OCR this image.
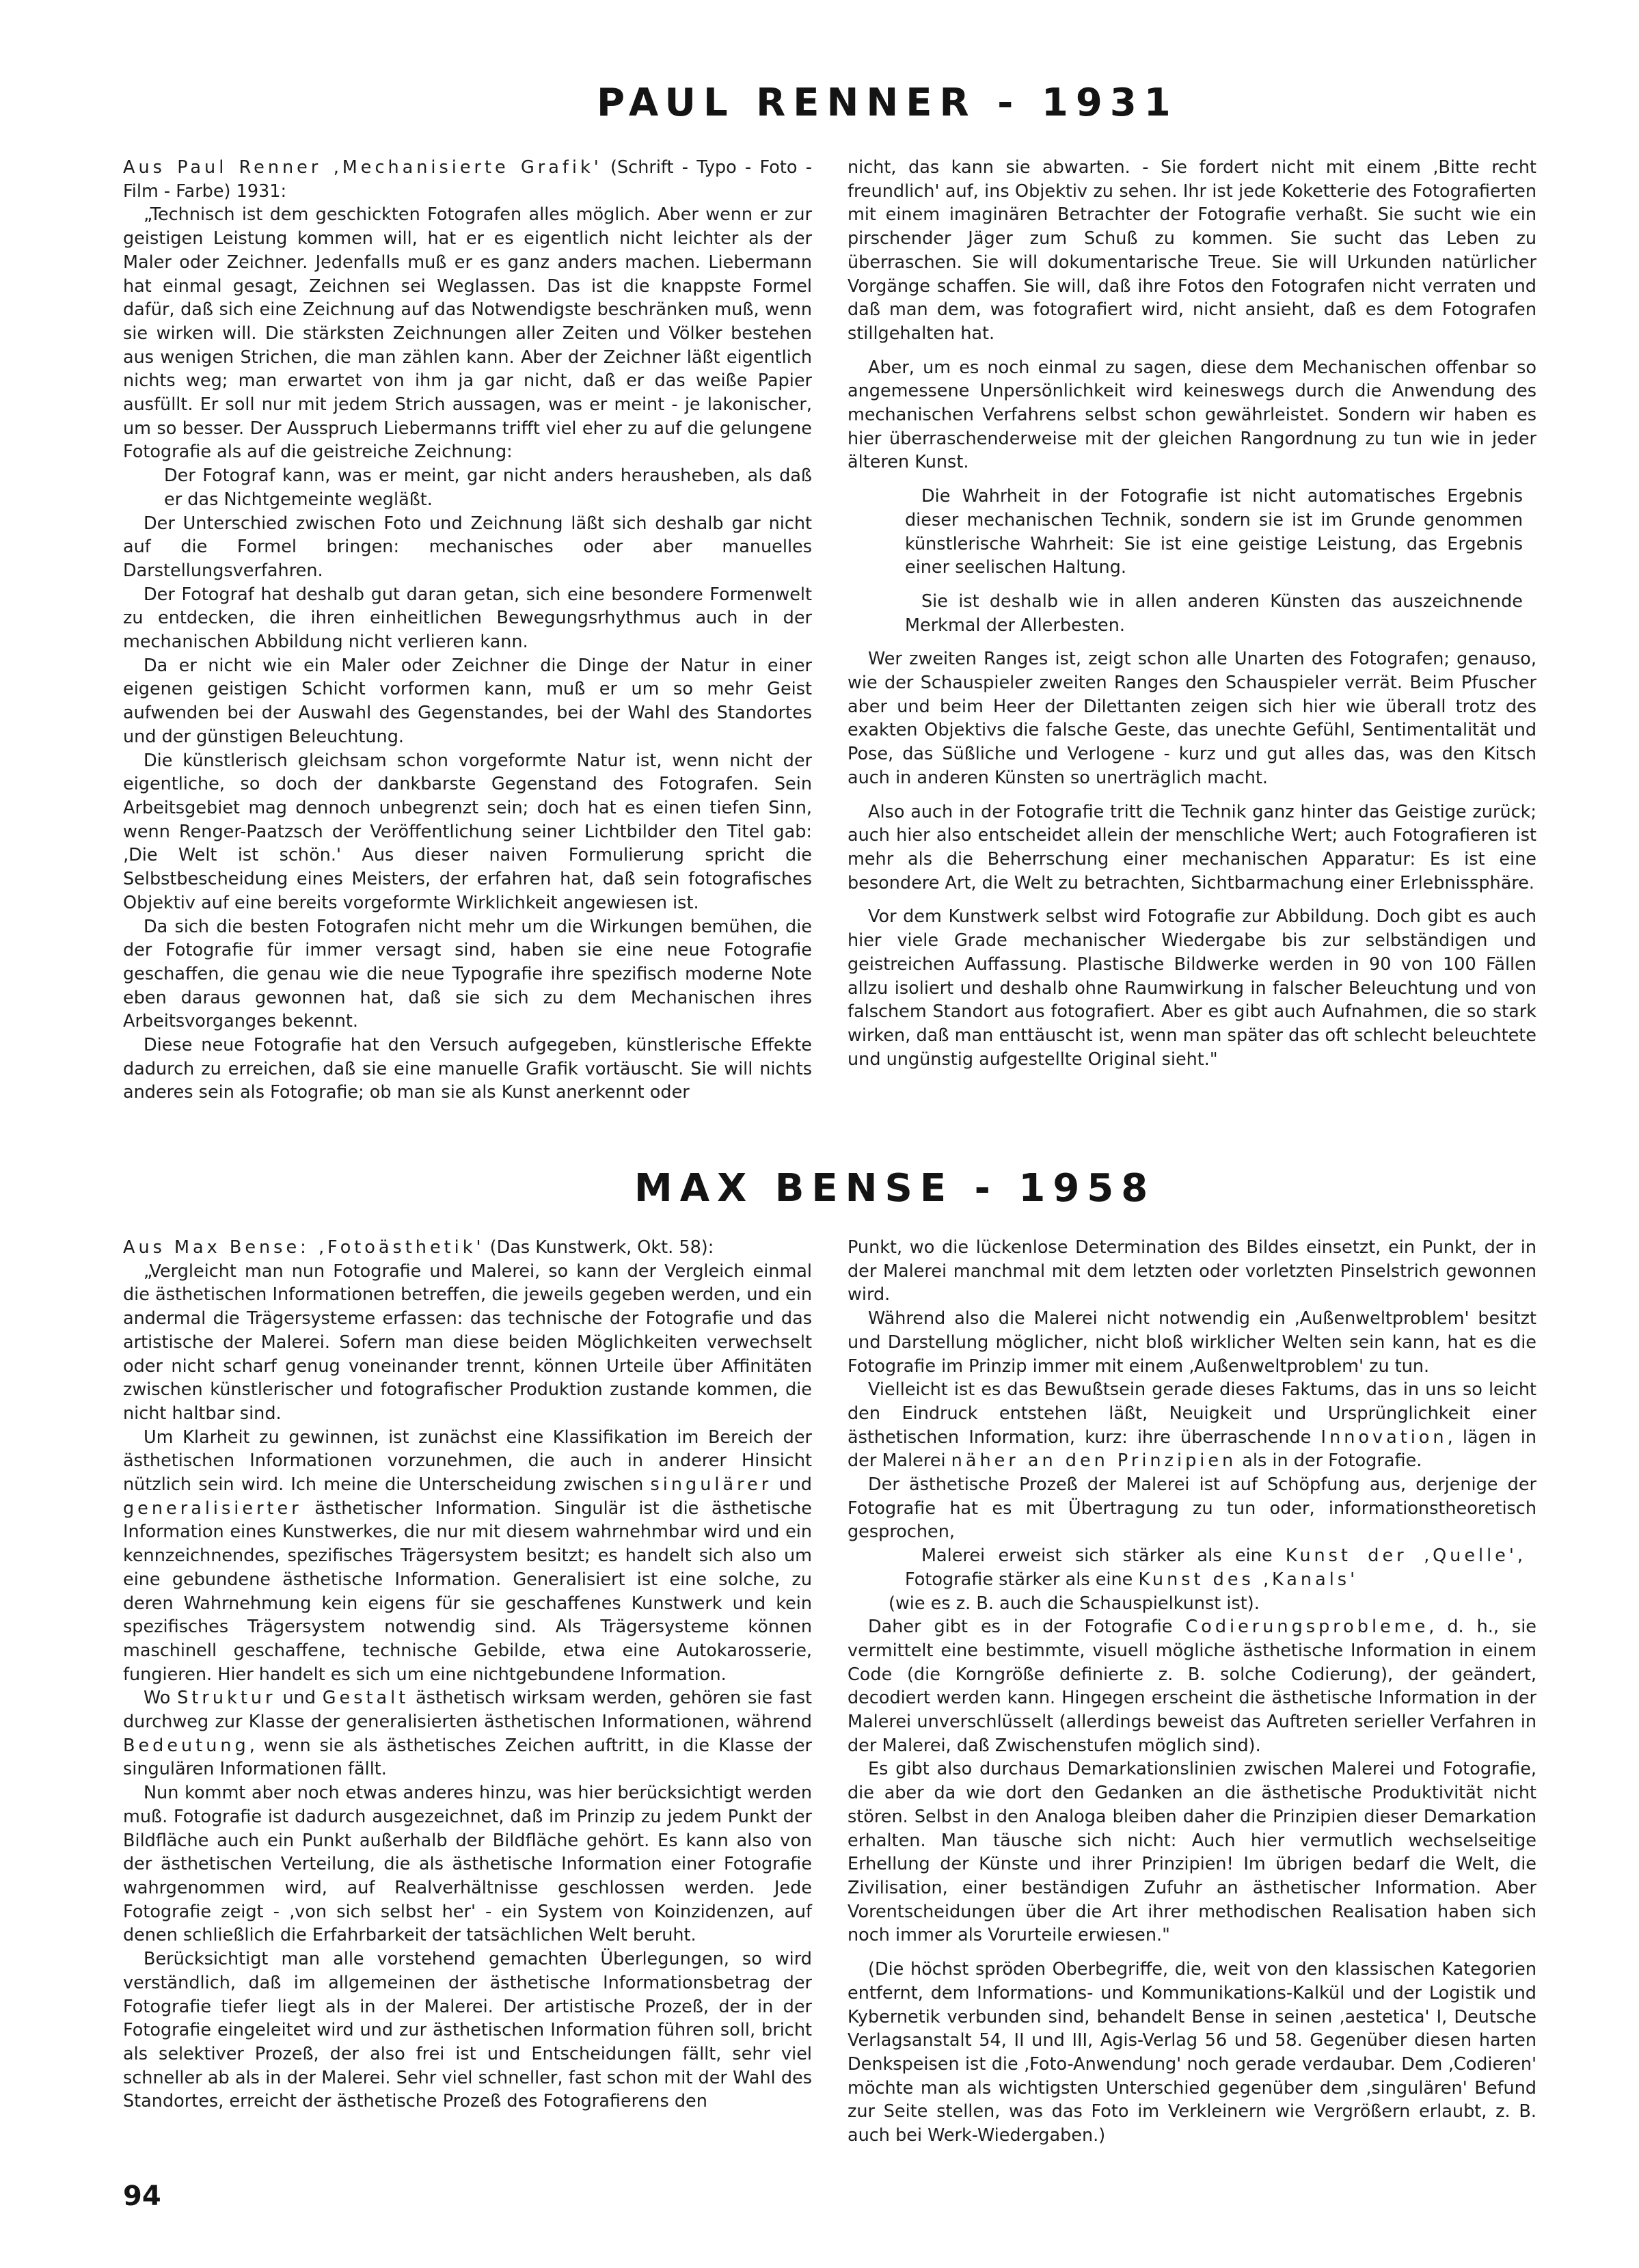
PAUL RENNER - 1931

Aus Paul Renner ‚Mechanisierte Grafik' (Schrift - Typo - Foto - Film - Farbe) 1931:

„Technisch ist dem geschickten Fotografen alles möglich. Aber wenn er zur geistigen Leistung kommen will, hat er es eigentlich nicht leichter als der Maler oder Zeichner. Jedenfalls muß er es ganz anders machen. Liebermann hat einmal gesagt, Zeichnen sei Weglassen. Das ist die knappste Formel dafür, daß sich eine Zeichnung auf das Notwendigste beschränken muß, wenn sie wirken will. Die stärksten Zeichnungen aller Zeiten und Völker bestehen aus wenigen Strichen, die man zählen kann. Aber der Zeichner läßt eigentlich nichts weg; man erwartet von ihm ja gar nicht, daß er das weiße Papier ausfüllt. Er soll nur mit jedem Strich aussagen, was er meint - je lakonischer, um so besser. Der Ausspruch Liebermanns trifft viel eher zu auf die gelungene Fotografie als auf die geistreiche Zeichnung:

Der Fotograf kann, was er meint, gar nicht anders herausheben, als daß er das Nichtgemeinte wegläßt.

Der Unterschied zwischen Foto und Zeichnung läßt sich deshalb gar nicht auf die Formel bringen: mechanisches oder aber manuelles Darstellungsverfahren.

Der Fotograf hat deshalb gut daran getan, sich eine besondere Formenwelt zu entdecken, die ihren einheitlichen Bewegungsrhythmus auch in der mechanischen Abbildung nicht verlieren kann.

Da er nicht wie ein Maler oder Zeichner die Dinge der Natur in einer eigenen geistigen Schicht vorformen kann, muß er um so mehr Geist aufwenden bei der Auswahl des Gegenstandes, bei der Wahl des Standortes und der günstigen Beleuchtung.

Die künstlerisch gleichsam schon vorgeformte Natur ist, wenn nicht der eigentliche, so doch der dankbarste Gegenstand des Fotografen. Sein Arbeitsgebiet mag dennoch unbegrenzt sein; doch hat es einen tiefen Sinn, wenn Renger-Paatzsch der Veröffentlichung seiner Lichtbilder den Titel gab: ‚Die Welt ist schön.' Aus dieser naiven Formulierung spricht die Selbstbescheidung eines Meisters, der erfahren hat, daß sein fotografisches Objektiv auf eine bereits vorgeformte Wirklichkeit angewiesen ist.

Da sich die besten Fotografen nicht mehr um die Wirkungen bemühen, die der Fotografie für immer versagt sind, haben sie eine neue Fotografie geschaffen, die genau wie die neue Typografie ihre spezifisch moderne Note eben daraus gewonnen hat, daß sie sich zu dem Mechanischen ihres Arbeitsvorganges bekennt.

Diese neue Fotografie hat den Versuch aufgegeben, künstlerische Effekte dadurch zu erreichen, daß sie eine manuelle Grafik vortäuscht. Sie will nichts anderes sein als Fotografie; ob man sie als Kunst anerkennt oder

nicht, das kann sie abwarten. - Sie fordert nicht mit einem ‚Bitte recht freundlich' auf, ins Objektiv zu sehen. Ihr ist jede Koketterie des Fotografierten mit einem imaginären Betrachter der Fotografie verhaßt. Sie sucht wie ein pirschender Jäger zum Schuß zu kommen. Sie sucht das Leben zu überraschen. Sie will dokumentarische Treue. Sie will Urkunden natürlicher Vorgänge schaffen. Sie will, daß ihre Fotos den Fotografen nicht verraten und daß man dem, was fotografiert wird, nicht ansieht, daß es dem Fotografen stillgehalten hat.

Aber, um es noch einmal zu sagen, diese dem Mechanischen offenbar so angemessene Unpersönlichkeit wird keineswegs durch die Anwendung des mechanischen Verfahrens selbst schon gewährleistet. Sondern wir haben es hier überraschenderweise mit der gleichen Rangordnung zu tun wie in jeder älteren Kunst.

Die Wahrheit in der Fotografie ist nicht automatisches Ergebnis dieser mechanischen Technik, sondern sie ist im Grunde genommen künstlerische Wahrheit: Sie ist eine geistige Leistung, das Ergebnis einer seelischen Haltung.

Sie ist deshalb wie in allen anderen Künsten das auszeichnende Merkmal der Allerbesten.

Wer zweiten Ranges ist, zeigt schon alle Unarten des Fotografen; genauso, wie der Schauspieler zweiten Ranges den Schauspieler verrät. Beim Pfuscher aber und beim Heer der Dilettanten zeigen sich hier wie überall trotz des exakten Objektivs die falsche Geste, das unechte Gefühl, Sentimentalität und Pose, das Süßliche und Verlogene - kurz und gut alles das, was den Kitsch auch in anderen Künsten so unerträglich macht.

Also auch in der Fotografie tritt die Technik ganz hinter das Geistige zurück; auch hier also entscheidet allein der menschliche Wert; auch Fotografieren ist mehr als die Beherrschung einer mechanischen Apparatur: Es ist eine besondere Art, die Welt zu betrachten, Sichtbarmachung einer Erlebnissphäre.

Vor dem Kunstwerk selbst wird Fotografie zur Abbildung. Doch gibt es auch hier viele Grade mechanischer Wiedergabe bis zur selbständigen und geistreichen Auffassung. Plastische Bildwerke werden in 90 von 100 Fällen allzu isoliert und deshalb ohne Raumwirkung in falscher Beleuchtung und von falschem Standort aus fotografiert. Aber es gibt auch Aufnahmen, die so stark wirken, daß man enttäuscht ist, wenn man später das oft schlecht beleuchtete und ungünstig aufgestellte Original sieht."

MAX BENSE - 1958

Aus Max Bense: ‚Fotoästhetik' (Das Kunstwerk, Okt. 58):

„Vergleicht man nun Fotografie und Malerei, so kann der Vergleich einmal die ästhetischen Informationen betreffen, die jeweils gegeben werden, und ein andermal die Trägersysteme erfassen: das technische der Fotografie und das artistische der Malerei. Sofern man diese beiden Möglichkeiten verwechselt oder nicht scharf genug voneinander trennt, können Urteile über Affinitäten zwischen künstlerischer und fotografischer Produktion zustande kommen, die nicht haltbar sind.

Um Klarheit zu gewinnen, ist zunächst eine Klassifikation im Bereich der ästhetischen Informationen vorzunehmen, die auch in anderer Hinsicht nützlich sein wird. Ich meine die Unterscheidung zwischen singulärer und generalisierter ästhetischer Information. Singulär ist die ästhetische Information eines Kunstwerkes, die nur mit diesem wahrnehmbar wird und ein kennzeichnendes, spezifisches Trägersystem besitzt; es handelt sich also um eine gebundene ästhetische Information. Generalisiert ist eine solche, zu deren Wahrnehmung kein eigens für sie geschaffenes Kunstwerk und kein spezifisches Trägersystem notwendig sind. Als Trägersysteme können maschinell geschaffene, technische Gebilde, etwa eine Autokarosserie, fungieren. Hier handelt es sich um eine nichtgebundene Information.

Wo Struktur und Gestalt ästhetisch wirksam werden, gehören sie fast durchweg zur Klasse der generalisierten ästhetischen Informationen, während Bedeutung, wenn sie als ästhetisches Zeichen auftritt, in die Klasse der singulären Informationen fällt.

Nun kommt aber noch etwas anderes hinzu, was hier berücksichtigt werden muß. Fotografie ist dadurch ausgezeichnet, daß im Prinzip zu jedem Punkt der Bildfläche auch ein Punkt außerhalb der Bildfläche gehört. Es kann also von der ästhetischen Verteilung, die als ästhetische Information einer Fotografie wahrgenommen wird, auf Realverhältnisse geschlossen werden. Jede Fotografie zeigt - ‚von sich selbst her' - ein System von Koinzidenzen, auf denen schließlich die Erfahrbarkeit der tatsächlichen Welt beruht.

Berücksichtigt man alle vorstehend gemachten Überlegungen, so wird verständlich, daß im allgemeinen der ästhetische Informationsbetrag der Fotografie tiefer liegt als in der Malerei. Der artistische Prozeß, der in der Fotografie eingeleitet wird und zur ästhetischen Information führen soll, bricht als selektiver Prozeß, der also frei ist und Entscheidungen fällt, sehr viel schneller ab als in der Malerei. Sehr viel schneller, fast schon mit der Wahl des Standortes, erreicht der ästhetische Prozeß des Fotografierens den

Punkt, wo die lückenlose Determination des Bildes einsetzt, ein Punkt, der in der Malerei manchmal mit dem letzten oder vorletzten Pinselstrich gewonnen wird.

Während also die Malerei nicht notwendig ein ‚Außenweltproblem' besitzt und Darstellung möglicher, nicht bloß wirklicher Welten sein kann, hat es die Fotografie im Prinzip immer mit einem ‚Außenweltproblem' zu tun.

Vielleicht ist es das Bewußtsein gerade dieses Faktums, das in uns so leicht den Eindruck entstehen läßt, Neuigkeit und Ursprünglichkeit einer ästhetischen Information, kurz: ihre überraschende Innovation, lägen in der Malerei näher an den Prinzipien als in der Fotografie.

Der ästhetische Prozeß der Malerei ist auf Schöpfung aus, derjenige der Fotografie hat es mit Übertragung zu tun oder, informationstheoretisch gesprochen,

Malerei erweist sich stärker als eine Kunst der ‚Quelle', Fotografie stärker als eine Kunst des ‚Kanals'

(wie es z. B. auch die Schauspielkunst ist).

Daher gibt es in der Fotografie Codierungsprobleme, d. h., sie vermittelt eine bestimmte, visuell mögliche ästhetische Information in einem Code (die Korngröße definierte z. B. solche Codierung), der geändert, decodiert werden kann. Hingegen erscheint die ästhetische Information in der Malerei unverschlüsselt (allerdings beweist das Auftreten serieller Verfahren in der Malerei, daß Zwischenstufen möglich sind).

Es gibt also durchaus Demarkationslinien zwischen Malerei und Fotografie, die aber da wie dort den Gedanken an die ästhetische Produktivität nicht stören. Selbst in den Analoga bleiben daher die Prinzipien dieser Demarkation erhalten. Man täusche sich nicht: Auch hier vermutlich wechselseitige Erhellung der Künste und ihrer Prinzipien! Im übrigen bedarf die Welt, die Zivilisation, einer beständigen Zufuhr an ästhetischer Information. Aber Vorentscheidungen über die Art ihrer methodischen Realisation haben sich noch immer als Vorurteile erwiesen."

(Die höchst spröden Oberbegriffe, die, weit von den klassischen Kategorien entfernt, dem Informations- und Kommunikations-Kalkül und der Logistik und Kybernetik verbunden sind, behandelt Bense in seinen ‚aestetica' I, Deutsche Verlagsanstalt 54, II und III, Agis-Verlag 56 und 58. Gegenüber diesen harten Denkspeisen ist die ‚Foto-Anwendung' noch gerade verdaubar. Dem ‚Codieren' möchte man als wichtigsten Unterschied gegenüber dem ‚singulären' Befund zur Seite stellen, was das Foto im Verkleinern wie Vergrößern erlaubt, z. B. auch bei Werk-Wiedergaben.)

94
